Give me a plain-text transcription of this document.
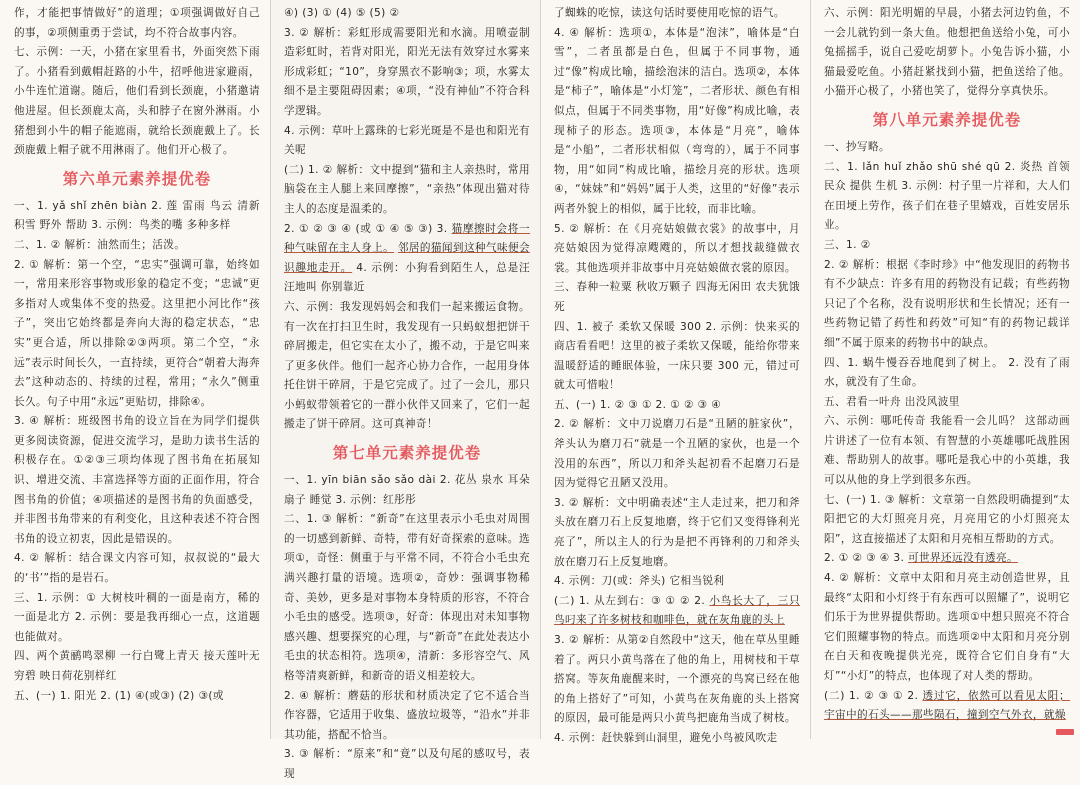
作，才能把事情做好”的道理；①项强调做好自己的事，②项侧重勇于尝试，均不符合故事内容。

七、示例：一天，小猪在家里看书，外面突然下雨了。小猪看到戴帽赶路的小牛，招呼他进家避雨，小牛连忙道谢。随后，他们看到长颈鹿，小猪邀请他进屋。但长颈鹿太高，头和脖子在窗外淋雨。小猪想到小牛的帽子能遮雨，就给长颈鹿戴上了。长颈鹿戴上帽子就不用淋雨了。他们开心极了。

第六单元素养提优卷

一、1. yǎ shǐ zhēn biàn 2. 莲 雷雨 鸟云 清新 积雪 野外 帮助 3. 示例：鸟类的嘴 多种多样

二、1. ② 解析：油然而生；活泼。

2. ① 解析：第一个空，“忠实”强调可靠，始终如一，常用来形容事物或形象的稳定不变；“忠诚”更多指对人或集体不变的热爱。这里把小河比作“孩子”，突出它始终都是奔向大海的稳定状态，“忠实”更合适，所以排除②③两项。第二个空，“永远”表示时间长久，一直持续，更符合“朝着大海奔去”这种动态的、持续的过程，常用；“永久”侧重长久。句子中用“永远”更贴切，排除④。

3. ④ 解析：班级图书角的设立旨在为同学们提供更多阅读资源，促进交流学习，是助力读书生活的积极存在。①②③三项均体现了图书角在拓展知识、增进交流、丰富选择等方面的正面作用，符合图书角的价值；④项描述的是图书角的负面感受，并非图书角带来的有利变化，且这种表述不符合图书角的设立初衷，因此是错误的。

4. ② 解析：结合课文内容可知，叔叔说的“最大的‘书’”指的是岩石。

三、1. 示例：① 大树枝叶稠的一面是南方，稀的一面是北方 2. 示例：要是我再细心一点，这道题也能做对。

四、两个黄鹂鸣翠柳 一行白鹭上青天 接天莲叶无穷碧 映日荷花别样红

五、(一) 1. 阳光 2. (1) ④(或③) (2) ③(或

④) (3) ① (4) ⑤ (5) ②

3. ② 解析：彩虹形成需要阳光和水滴。用喷壶制造彩虹时，若背对阳光，阳光无法有效穿过水雾来形成彩虹；“10”，身穿黑衣不影响③；项，水雾太细不是主要阻碍因素；④项，“没有神仙”不符合科学逻辑。

4. 示例：草叶上露珠的七彩光斑是不是也和阳光有关呢

(二) 1. ② 解析：文中提到“猫和主人亲热时，常用脑袋在主人腿上来回摩擦”，“亲热”体现出猫对待主人的态度是温柔的。

2. ① ② ③ ④ (或 ① ④ ⑤ ③) 3. 猫摩擦时会将一种气味留在主人身上。 邻居的猫闻到这种气味便会识趣地走开。 4. 示例：小狗看到陌生人，总是汪汪地叫 你别靠近

六、示例：我发现妈妈会和我们一起来搬运食物。有一次在打扫卫生时，我发现有一只蚂蚁想把饼干碎屑搬走，但它实在太小了，搬不动，于是它叫来了更多伙伴。他们一起齐心协力合作，一起用身体托住饼干碎屑，于是它完成了。过了一会儿，那只小蚂蚁带领着它的一群小伙伴又回来了，它们一起搬走了饼干碎屑。这可真神奇！

第七单元素养提优卷

一、1. yīn biān sǎo sǎo dài 2. 花丛 泉水 耳朵 扇子 睡觉 3. 示例：红彤彤

二、1. ③ 解析：“新奇”在这里表示小毛虫对周围的一切感到新鲜、奇特，带有好奇探索的意味。选项①，奇怪：侧重于与平常不同，不符合小毛虫充满兴趣打量的语境。选项②，奇妙：强调事物稀奇、美妙，更多是对事物本身特质的形容，不符合小毛虫的感受。选项③，好奇：体现出对未知事物感兴趣、想要探究的心理，与“新奇”在此处表达小毛虫的状态相符。选项④，清新：多形容空气、风格等清爽新鲜，和新奇的语义相差较大。

2. ④ 解析：蘑菇的形状和材质决定了它不适合当作容器，它适用于收集、盛放垃圾等，“沿水”并非其功能，搭配不恰当。

3. ③ 解析：“原来”和“竟”以及句尾的感叹号，表现

了蜘蛛的吃惊，读这句话时要使用吃惊的语气。

4. ④ 解析：选项①，本体是“泡沫”，喻体是“白雪”，二者虽都是白色，但属于不同事物，通过“像”构成比喻，描绘泡沫的洁白。选项②，本体是“柿子”，喻体是“小灯笼”，二者形状、颜色有相似点，但属于不同类事物，用“好像”构成比喻，表现柿子的形态。选项③，本体是“月亮”，喻体是“小船”，二者形状相似（弯弯的），属于不同事物，用“如同”构成比喻，描绘月亮的形状。选项④，“妹妹”和“妈妈”属于人类，这里的“好像”表示两者外貌上的相似，属于比较，而非比喻。

5. ② 解析：在《月亮姑娘做衣裳》的故事中，月亮姑娘因为觉得凉飕飕的，所以才想找裁缝做衣裳。其他选项并非故事中月亮姑娘做衣裳的原因。

三、春种一粒粟 秋收万颗子 四海无闲田 农夫犹饿死

四、1. 被子 柔软又保暖 300 2. 示例：快来买的商店看看吧！这里的被子柔软又保暖，能给你带来温暖舒适的睡眠体验，一床只要 300 元，错过可就太可惜啦！

五、(一) 1. ② ③ ① 2. ① ② ③ ④

2. ② 解析：文中刀说磨刀石是“丑陋的脏家伙”，斧头认为磨刀石“就是一个丑陋的家伙，也是一个没用的东西”，所以刀和斧头起初看不起磨刀石是因为觉得它丑陋又没用。

3. ② 解析：文中明确表述“主人走过来，把刀和斧头放在磨刀石上反复地磨，终于它们又变得锋利光亮了”，所以主人的行为是把不再锋利的刀和斧头放在磨刀石上反复地磨。

4. 示例：刀(或：斧头) 它相当锐利

(二) 1. 从左到右：③ ① ② 2. 小鸟长大了，三只鸟叼来了许多树枝和咖啡色，就在灰角鹿的头上

3. ② 解析：从第②自然段中“这天，他在草丛里睡着了。两只小黄鸟落在了他的角上，用树枝和干草搭窝。等灰角鹿醒来时，一个漂亮的鸟窝已经在他的角上搭好了”可知，小黄鸟在灰角鹿的头上搭窝的原因，最可能是两只小黄鸟把鹿角当成了树枝。

4. 示例：赶快躲到山洞里，避免小鸟被风吹走

六、示例：阳光明媚的早晨，小猪去河边钓鱼，不一会儿就钓到一条大鱼。他想把鱼送给小兔，可小兔摇摇手，说自己爱吃胡萝卜。小兔告诉小猫，小猫最爱吃鱼。小猪赶紧找到小猫，把鱼送给了他。小猫开心极了，小猪也笑了，觉得分享真快乐。

第八单元素养提优卷

一、抄写略。

二、1. lǎn huǐ zhǎo shū shé qū 2. 炎热 首领 民众 提供 生机 3. 示例：村子里一片祥和，大人们在田埂上劳作，孩子们在巷子里嬉戏，百姓安居乐业。

三、1. ②

2. ② 解析：根据《李时珍》中“他发现旧的药物书有不少缺点：许多有用的药物没有记载；有些药物只记了个名称，没有说明形状和生长情况；还有一些药物记错了药性和药效”可知“有的药物记载详细”不属于原来的药物书中的缺点。

四、1. 蜗牛慢吞吞地爬到了树上。 2. 没有了雨水，就没有了生命。

五、君看一叶舟 出没风波里

六、示例：哪吒传奇 我能看一会儿吗？ 这部动画片讲述了一位有本领、有智慧的小英雄哪吒战胜困难、帮助别人的故事。哪吒是我心中的小英雄，我可以从他的身上学到很多东西。

七、(一) 1. ③ 解析：文章第一自然段明确提到“太阳把它的大灯照亮月亮，月亮用它的小灯照亮太阳”，这直接描述了太阳和月亮相互帮助的方式。

2. ① ② ③ ④ 3. 可世界还远没有透亮。

4. ② 解析：文章中太阳和月亮主动创造世界，且最终“太阳和小灯终于有东西可以照耀了”，说明它们乐于为世界提供帮助。选项①中想只照亮不符合它们照耀事物的特点。而选项②中太阳和月亮分别在白天和夜晚提供光亮，既符合它们自身有“大灯”“小灯”的特点，也体现了对人类的帮助。

(二) 1. ② ③ ① 2. 透过它，依然可以看见太阳；宇宙中的石头——那些陨石，撞到空气外衣，就燥
